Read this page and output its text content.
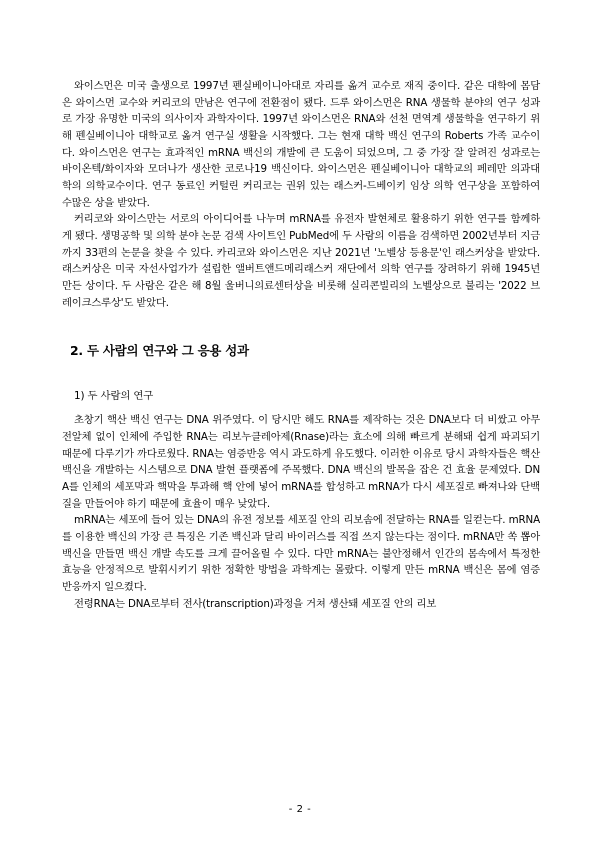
와이스먼은 미국 출생으로 1997년 펜실베이니아대로 자리를 옮겨 교수로 재직 중이다. 같은 대학에 몸담은 와이스먼 교수와 커리코의 만남은 연구에 전환점이 됐다. 드루 와이스먼은 RNA 생물학 분야의 연구 성과로 가장 유명한 미국의 의사이자 과학자이다. 1997년 와이스먼은 RNA와 선천 면역계 생물학을 연구하기 위해 펜실베이니아 대학교로 옮겨 연구실 생활을 시작했다. 그는 현재 대학 백신 연구의 Roberts 가족 교수이다. 와이스먼은 연구는 효과적인 mRNA 백신의 개발에 큰 도움이 되었으며, 그 중 가장 잘 알려진 성과로는 바이온텍/화이자와 모더나가 생산한 코로나19 백신이다. 와이스먼은 펜실베이니아 대학교의 페레만 의과대학의 의학교수이다. 연구 동료인 커털린 커리코는 권위 있는 래스커-드베이키 임상 의학 연구상을 포함하여 수많은 상을 받았다.

커리코와 와이스만는 서로의 아이디어를 나누며 mRNA를 유전자 발현체로 활용하기 위한 연구를 함께하게 됐다. 생명공학 및 의학 분야 논문 검색 사이트인 PubMed에 두 사람의 이름을 검색하면 2002년부터 지금까지 33편의 논문을 찾을 수 있다. 카리코와 와이스먼은 지난 2021년 '노벨상 등용문'인 래스커상을 받았다. 래스커상은 미국 자선사업가가 설립한 앨버트앤드메리래스커 재단에서 의학 연구를 장려하기 위해 1945년 만든 상이다. 두 사람은 같은 해 8월 울버니의료센터상을 비롯해 실리콘빌리의 노벨상으로 불리는 '2022 브레이크스루상'도 받았다.

2. 두 사람의 연구와 그 응용 성과

1) 두 사람의 연구

초창기 핵산 백신 연구는 DNA 위주였다. 이 당시만 해도 RNA를 제작하는 것은 DNA보다 더 비쌌고 아무 전알체 없이 인체에 주입한 RNA는 리보누클레아제(Rnase)라는 효소에 의해 빠르게 분해돼 쉽게 파괴되기 때문에 다루기가 까다로웠다. RNA는 염증반응 역시 과도하게 유도했다. 이러한 이유로 당시 과학자들은 핵산 백신을 개발하는 시스템으로 DNA 발현 플랫폼에 주목했다. DNA 백신의 발목을 잡은 건 효율 문제였다. DNA를 인체의 세포막과 핵막을 투과해 핵 안에 넣어 mRNA를 합성하고 mRNA가 다시 세포질로 빠져나와 단백질을 만들어야 하기 때문에 효율이 매우 낮았다.

mRNA는 세포에 들어 있는 DNA의 유전 정보를 세포질 안의 리보솜에 전달하는 RNA를 일컫는다. mRNA를 이용한 백신의 가장 큰 특징은 기존 백신과 달리 바이러스를 직접 쓰지 않는다는 점이다. mRNA만 쏙 뽑아 백신을 만들면 백신 개발 속도를 크게 끌어올릴 수 있다. 다만 mRNA는 불안정해서 인간의 몸속에서 특정한 효능을 안정적으로 발휘시키기 위한 정확한 방법을 과학계는 몰랐다. 이렇게 만든 mRNA 백신은 몸에 염증 반응까지 일으켰다.

전령RNA는 DNA로부터 전사(transcription)과정을 거쳐 생산돼 세포질 안의 리보

- 2 -
